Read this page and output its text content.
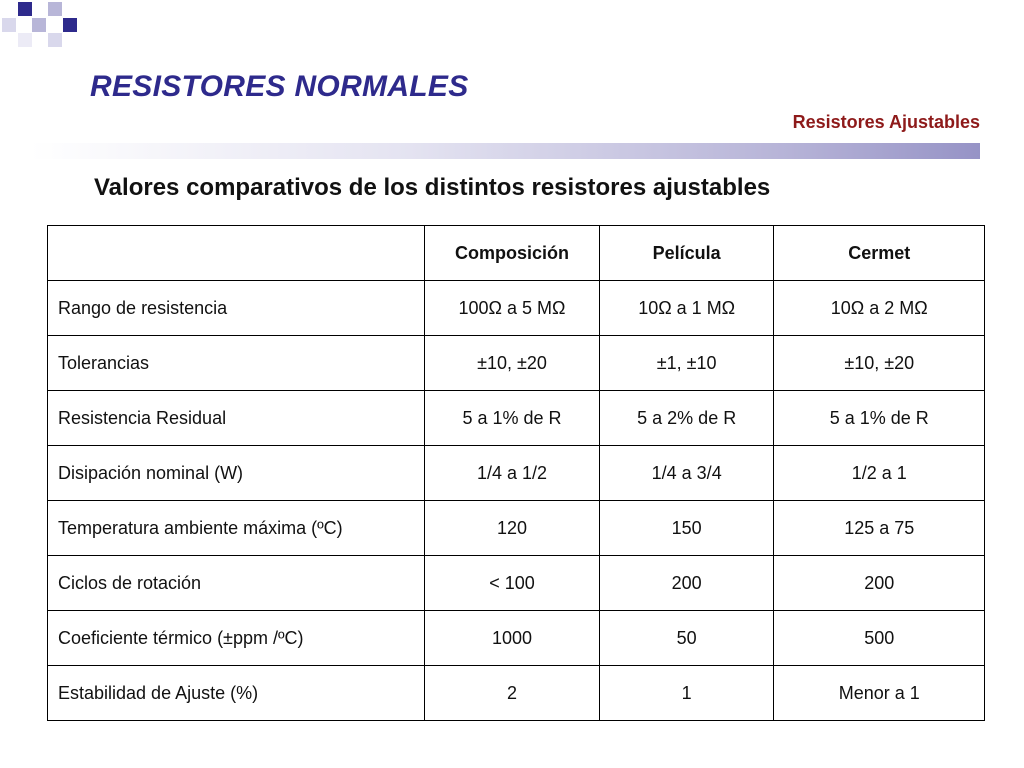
RESISTORES NORMALES
Resistores Ajustables
Valores comparativos de los distintos resistores ajustables
	Composición	Película	Cermet
Rango de resistencia	100Ω a 5 MΩ	10Ω a 1 MΩ	10Ω a 2 MΩ
Tolerancias	±10, ±20	±1, ±10	±10, ±20
Resistencia Residual	5 a 1% de R	5 a 2% de R	5 a 1% de R
Disipación nominal (W)	1/4 a 1/2	1/4 a 3/4	1/2 a 1
Temperatura ambiente máxima (ºC)	120	150	125 a 75
Ciclos de rotación	< 100	200	200
Coeficiente térmico (±ppm /ºC)	1000	50	500
Estabilidad de Ajuste (%)	2	1	Menor a 1
